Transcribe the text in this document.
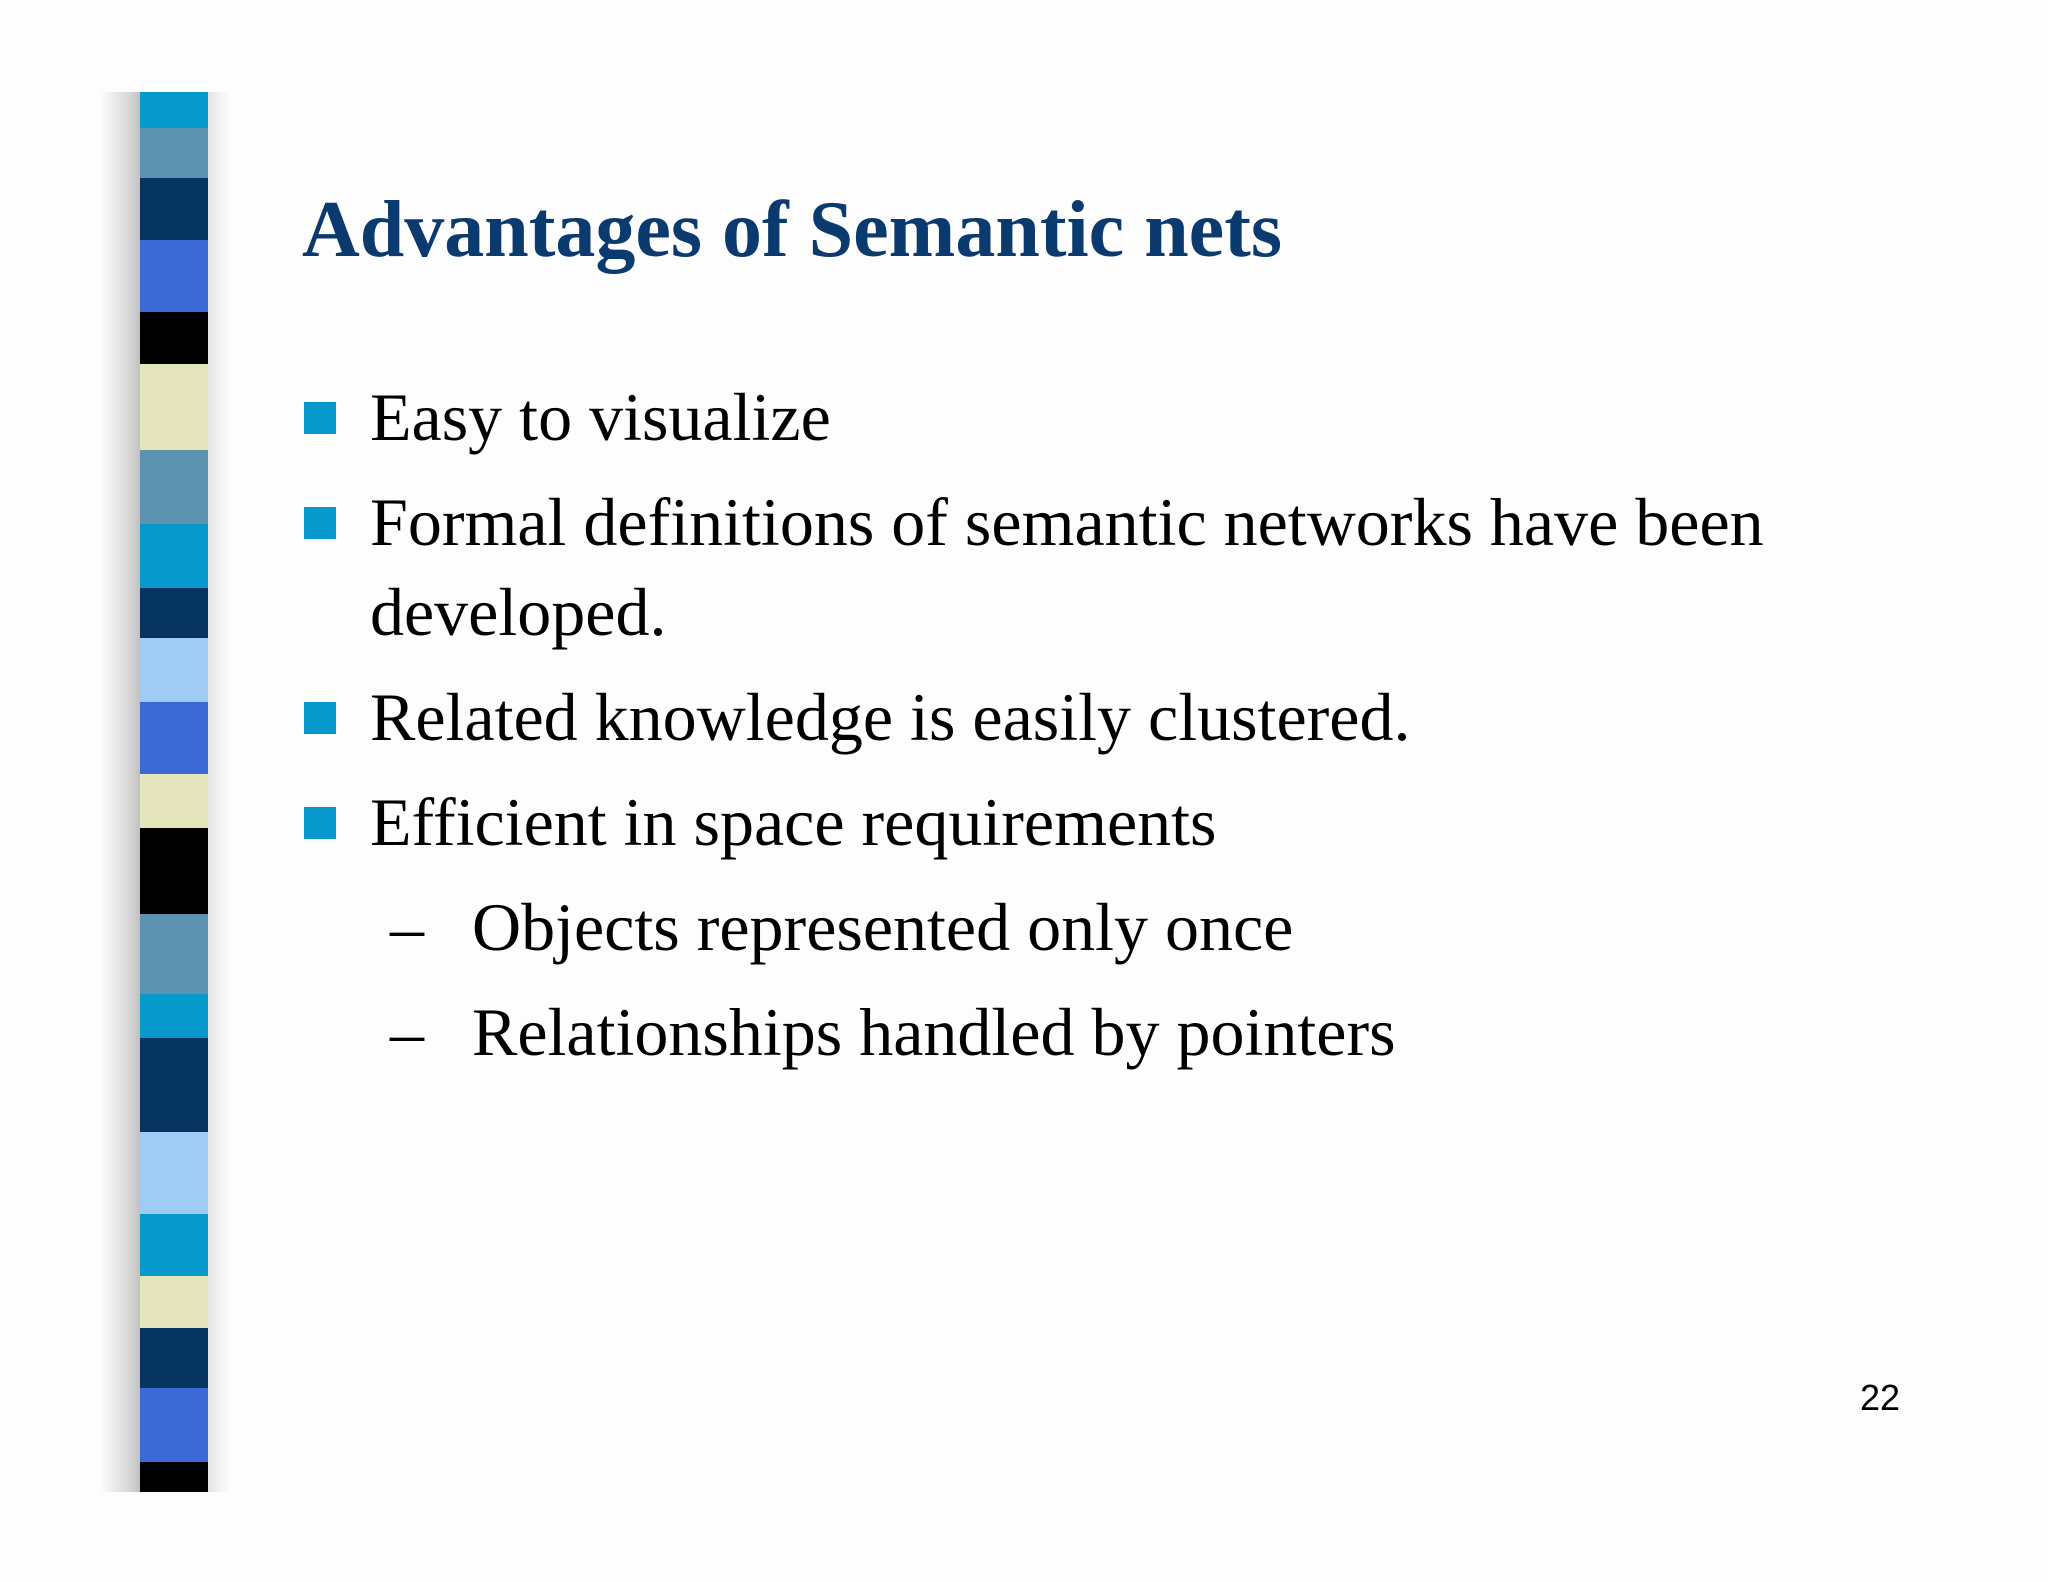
Advantages of Semantic nets
Easy to visualize
Formal definitions of semantic networks have been developed.
Related knowledge is easily clustered.
Efficient in space requirements
– Objects represented only once
– Relationships handled by pointers
22
